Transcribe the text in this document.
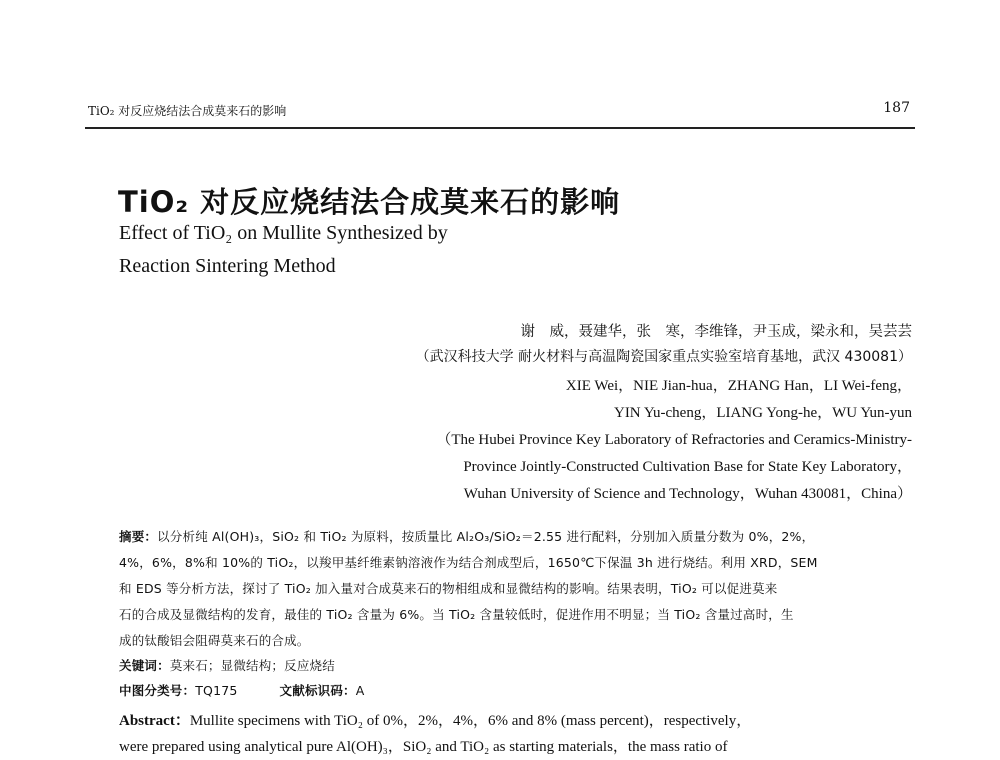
TiO₂ 对反应烧结法合成莫来石的影响	187
TiO₂ 对反应烧结法合成莫来石的影响
Effect of TiO₂ on Mullite Synthesized by
Reaction Sintering Method
谢　威，聂建华，张　寒，李维锋，尹玉成，梁永和，吴芸芸
（武汉科技大学 耐火材料与高温陶瓷国家重点实验室培育基地，武汉 430081）
XIE Wei，NIE Jian-hua，ZHANG Han，LI Wei-feng，
YIN Yu-cheng，LIANG Yong-he，WU Yun-yun
（The Hubei Province Key Laboratory of Refractories and Ceramics-Ministry-
Province Jointly-Constructed Cultivation Base for State Key Laboratory，
Wuhan University of Science and Technology，Wuhan 430081，China）
摘要：以分析纯 Al(OH)₃，SiO₂ 和 TiO₂ 为原料，按质量比 Al₂O₃/SiO₂＝2.55 进行配料，分别加入质量分数为 0%，2%，
4%，6%，8%和 10%的 TiO₂，以羧甲基纤维素钠溶液作为结合剂成型后，1650℃下保温 3h 进行烧结。利用 XRD，SEM
和 EDS 等分析方法，探讨了 TiO₂ 加入量对合成莫来石的物相组成和显微结构的影响。结果表明，TiO₂ 可以促进莫来
石的合成及显微结构的发育，最佳的 TiO₂ 含量为 6%。当 TiO₂ 含量较低时，促进作用不明显；当 TiO₂ 含量过高时，生
成的钛酸铝会阻碍莫来石的合成。
关键词：莫来石；显微结构；反应烧结
中图分类号：TQ175	文献标识码：A
Abstract：Mullite specimens with TiO₂ of 0%，2%，4%，6% and 8% (mass percent)，respectively，
were prepared using analytical pure Al(OH)₃，SiO₂ and TiO₂ as starting materials，the mass ratio of
